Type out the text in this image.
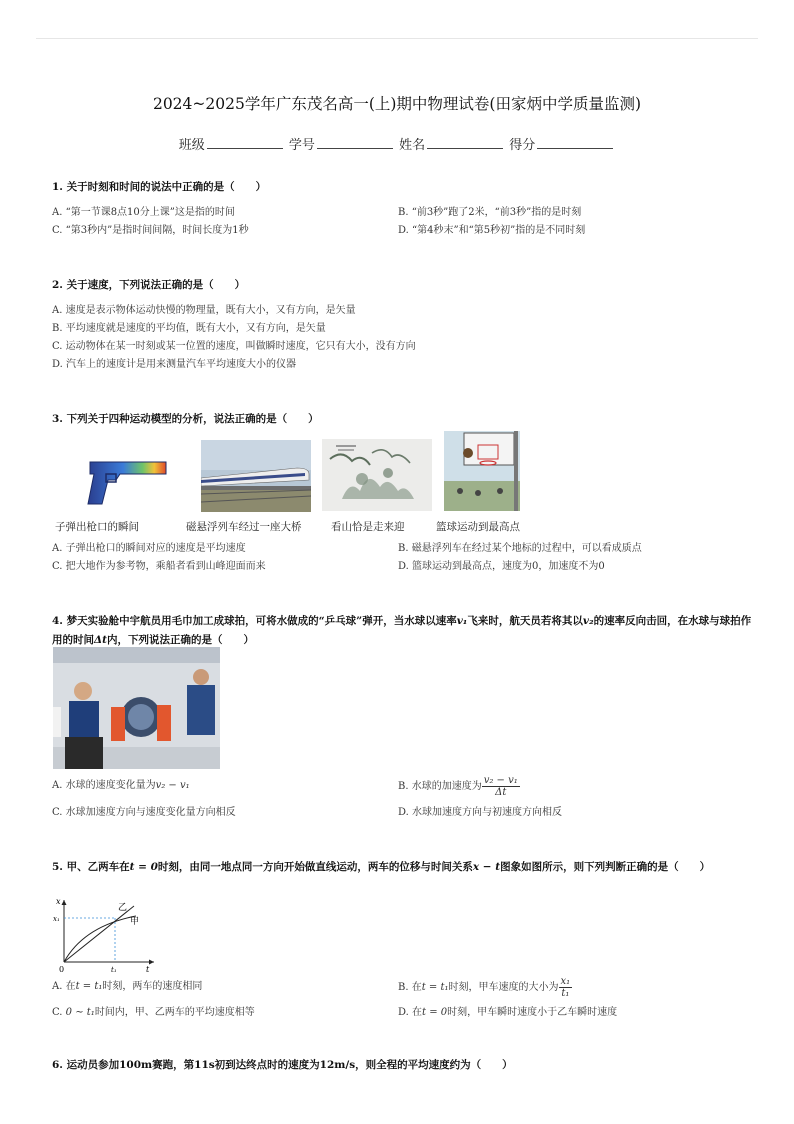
2024~2025学年广东茂名高一(上)期中物理试卷(田家炳中学质量监测)
班级	学号	姓名	得分
1. 关于时刻和时间的说法中正确的是（　　）
A. “第一节课8点10分上课”这是指的时间	B. “前3秒”跑了2米，“前3秒”指的是时刻
C. “第3秒内”是指时间间隔，时间长度为1秒	D. “第4秒末”和“第5秒初”指的是不同时刻
2. 关于速度，下列说法正确的是（　　）
A. 速度是表示物体运动快慢的物理量，既有大小，又有方向，是矢量
B. 平均速度就是速度的平均值，既有大小，又有方向，是矢量
C. 运动物体在某一时刻或某一位置的速度，叫做瞬时速度，它只有大小，没有方向
D. 汽车上的速度计是用来测量汽车平均速度大小的仪器
3. 下列关于四种运动模型的分析，说法正确的是（　　）
子弹出枪口的瞬间	磁悬浮列车经过一座大桥	看山恰是走来迎	篮球运动到最高点
A. 子弹出枪口的瞬间对应的速度是平均速度	B. 磁悬浮列车在经过某个地标的过程中，可以看成质点
C. 把大地作为参考物，乘船者看到山峰迎面而来	D. 篮球运动到最高点，速度为0，加速度不为0
4. 梦天实验舱中宇航员用毛巾加工成球拍，可将水做成的“乒乓球”弹开，当水球以速率v₁飞来时，航天员若将其以v₂的速率反向击回，在水球与球拍作用的时间Δt内，下列说法正确的是（　　）
A. 水球的速度变化量为v₂ − v₁	B. 水球的加速度为 $\frac{\text{v₂ − v₁}}{\Delta t}$
C. 水球加速度方向与速度变化量方向相反	D. 水球加速度方向与初速度方向相反
5. 甲、乙两车在t = 0时刻，由同一地点同一方向开始做直线运动，两车的位移与时间关系x − t图象如图所示，则下列判断正确的是（　　）
x
t
0
x₁
t₁
乙
甲
A. 在t = t₁时刻，两车的速度相同	B. 在t = t₁时刻，甲车速度的大小为 $\frac{\text{x₁}}{\text{t₁}}$
C. 0 ∼ t₁时间内，甲、乙两车的平均速度相等	D. 在t = 0时刻，甲车瞬时速度小于乙车瞬时速度
6. 运动员参加100m赛跑，第11s初到达终点时的速度为12m/s，则全程的平均速度约为（　　）
